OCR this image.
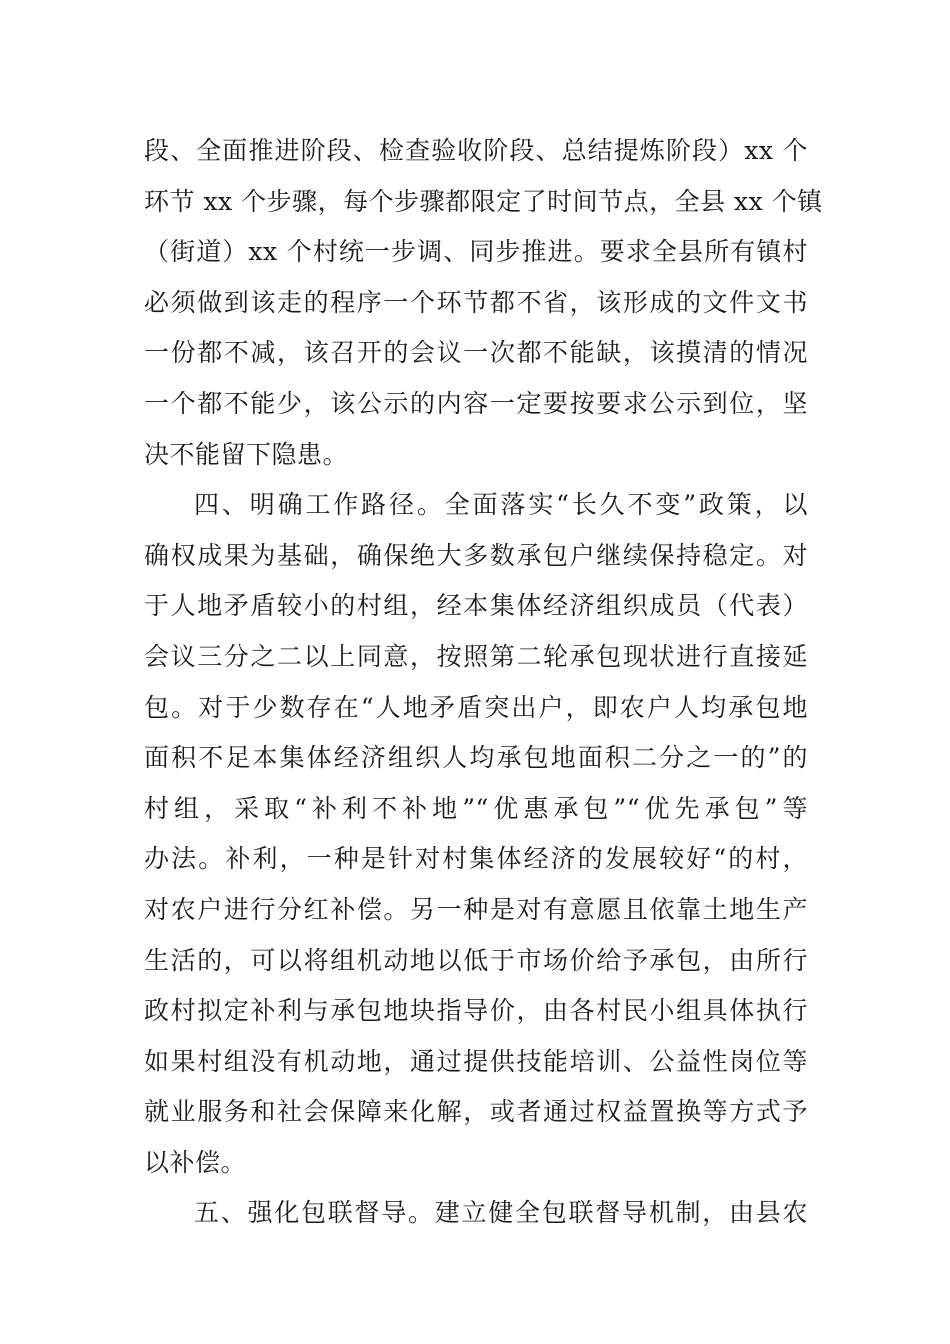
段、全面推进阶段、检查验收阶段、总结提炼阶段）xx 个
环节 xx 个步骤，每个步骤都限定了时间节点，全县 xx 个镇
（街道）xx 个村统一步调、同步推进。要求全县所有镇村
必须做到该走的程序一个环节都不省，该形成的文件文书
一份都不减，该召开的会议一次都不能缺，该摸清的情况
一个都不能少，该公示的内容一定要按要求公示到位，坚
决不能留下隐患。
四、明确工作路径。全面落实“长久不变”政策，以
确权成果为基础，确保绝大多数承包户继续保持稳定。对
于人地矛盾较小的村组，经本集体经济组织成员（代表）
会议三分之二以上同意，按照第二轮承包现状进行直接延
包。对于少数存在“人地矛盾突出户，即农户人均承包地
面积不足本集体经济组织人均承包地面积二分之一的”的
村组，采取“补利不补地”“优惠承包”“优先承包”等
办法。补利，一种是针对村集体经济的发展较好“的村，
对农户进行分红补偿。另一种是对有意愿且依靠土地生产
生活的，可以将组机动地以低于市场价给予承包，由所行
政村拟定补利与承包地块指导价，由各村民小组具体执行
如果村组没有机动地，通过提供技能培训、公益性岗位等
就业服务和社会保障来化解，或者通过权益置换等方式予
以补偿。
五、强化包联督导。建立健全包联督导机制，由县农
